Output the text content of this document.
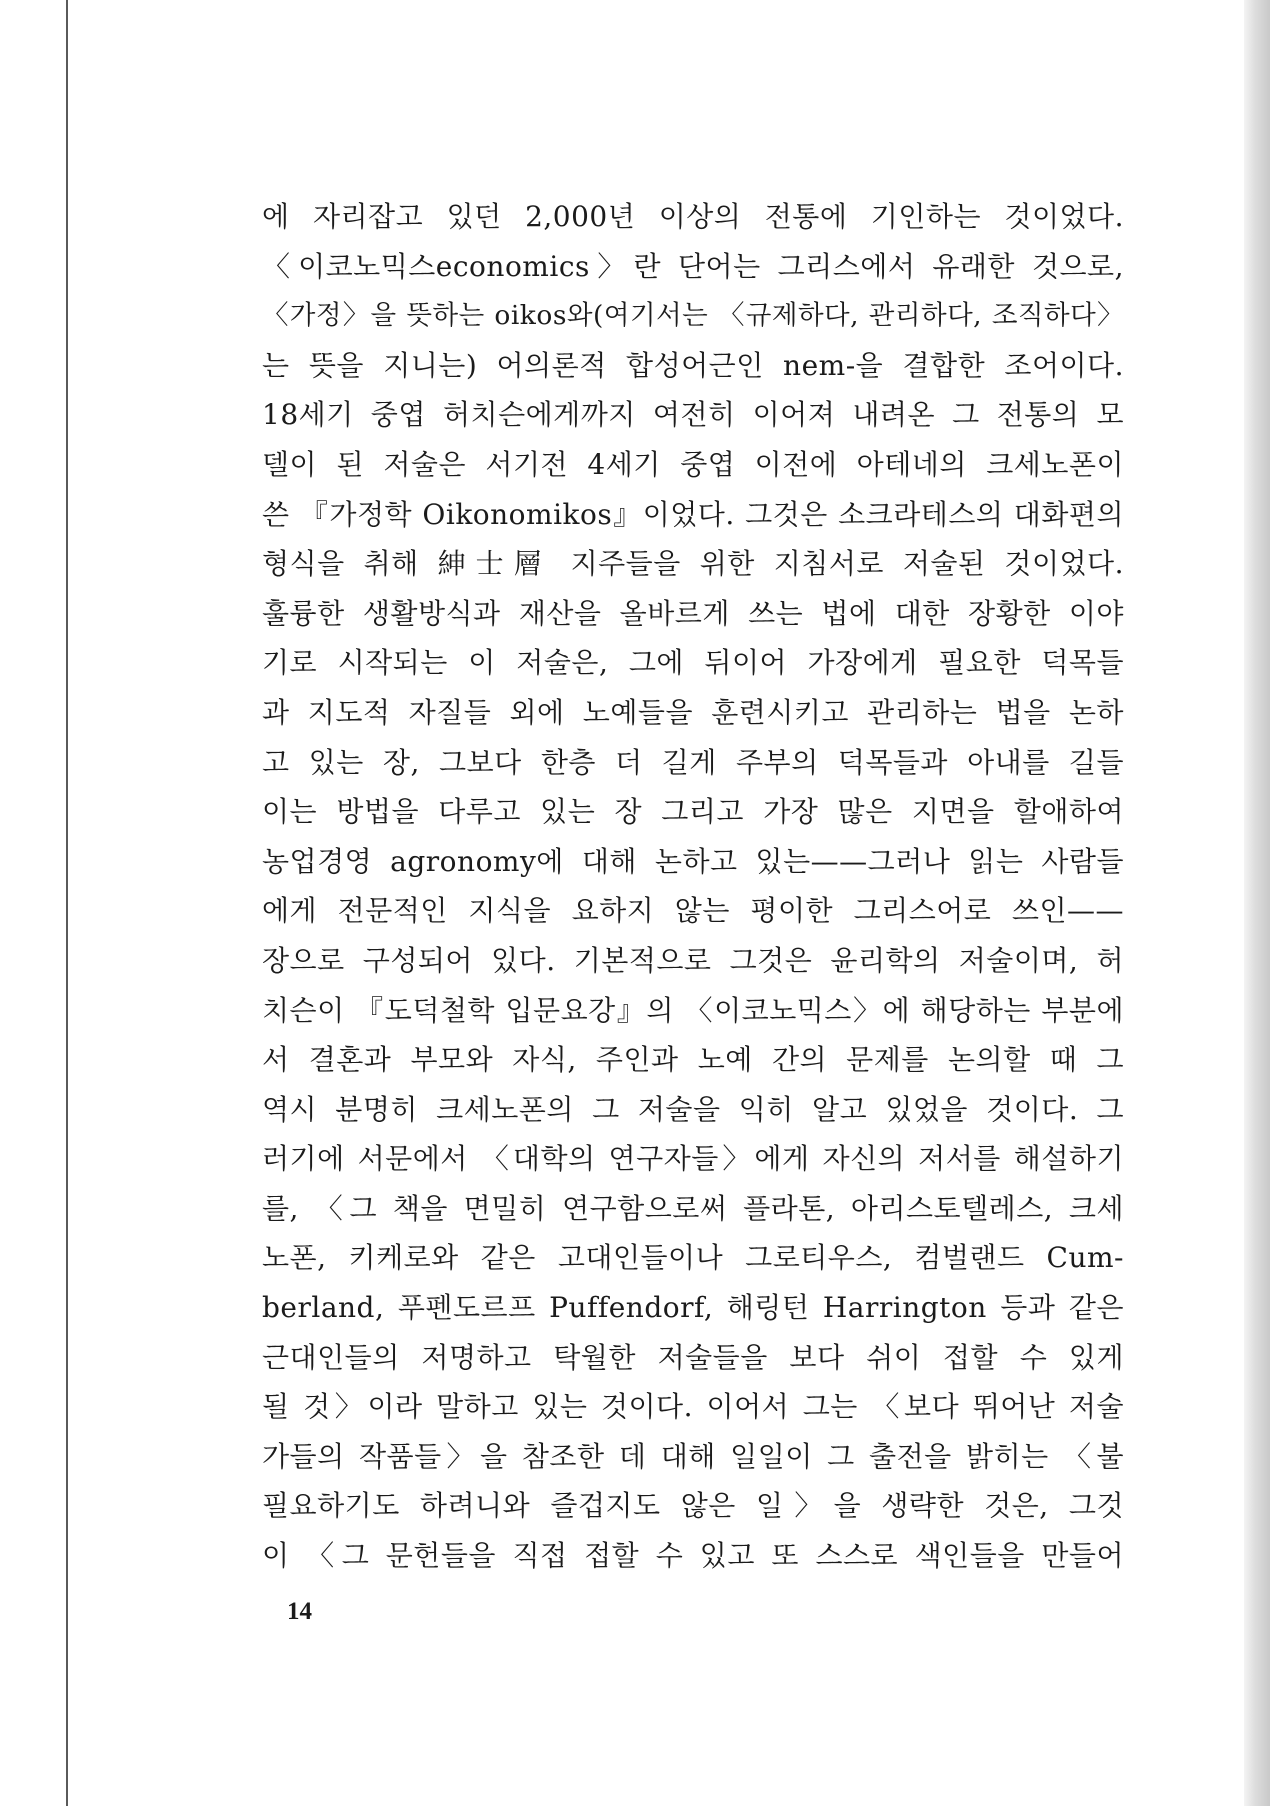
에 자리잡고 있던 2,000년 이상의 전통에 기인하는 것이었다.
〈이코노믹스economics〉란 단어는 그리스에서 유래한 것으로,
〈가정〉을 뜻하는 oikos와(여기서는 〈규제하다, 관리하다, 조직하다〉
는 뜻을 지니는) 어의론적 합성어근인 nem-을 결합한 조어이다.
18세기 중엽 허치슨에게까지 여전히 이어져 내려온 그 전통의 모
델이 된 저술은 서기전 4세기 중엽 이전에 아테네의 크세노폰이
쓴 『가정학 Oikonomikos』이었다. 그것은 소크라테스의 대화편의
형식을 취해 紳士層 지주들을 위한 지침서로 저술된 것이었다.
훌륭한 생활방식과 재산을 올바르게 쓰는 법에 대한 장황한 이야
기로 시작되는 이 저술은, 그에 뒤이어 가장에게 필요한 덕목들
과 지도적 자질들 외에 노예들을 훈련시키고 관리하는 법을 논하
고 있는 장, 그보다 한층 더 길게 주부의 덕목들과 아내를 길들
이는 방법을 다루고 있는 장 그리고 가장 많은 지면을 할애하여
농업경영 agronomy에 대해 논하고 있는——그러나 읽는 사람들
에게 전문적인 지식을 요하지 않는 평이한 그리스어로 쓰인——
장으로 구성되어 있다. 기본적으로 그것은 윤리학의 저술이며, 허
치슨이 『도덕철학 입문요강』의 〈이코노믹스〉에 해당하는 부분에
서 결혼과 부모와 자식, 주인과 노예 간의 문제를 논의할 때 그
역시 분명히 크세노폰의 그 저술을 익히 알고 있었을 것이다. 그
러기에 서문에서 〈대학의 연구자들〉에게 자신의 저서를 해설하기
를, 〈그 책을 면밀히 연구함으로써 플라톤, 아리스토텔레스, 크세
노폰, 키케로와 같은 고대인들이나 그로티우스, 컴벌랜드 Cum-
berland, 푸펜도르프 Puffendorf, 해링턴 Harrington 등과 같은
근대인들의 저명하고 탁월한 저술들을 보다 쉬이 접할 수 있게
될 것〉이라 말하고 있는 것이다. 이어서 그는 〈보다 뛰어난 저술
가들의 작품들〉을 참조한 데 대해 일일이 그 출전을 밝히는 〈불
필요하기도 하려니와 즐겁지도 않은 일〉을 생략한 것은, 그것
이 〈그 문헌들을 직접 접할 수 있고 또 스스로 색인들을 만들어
14
